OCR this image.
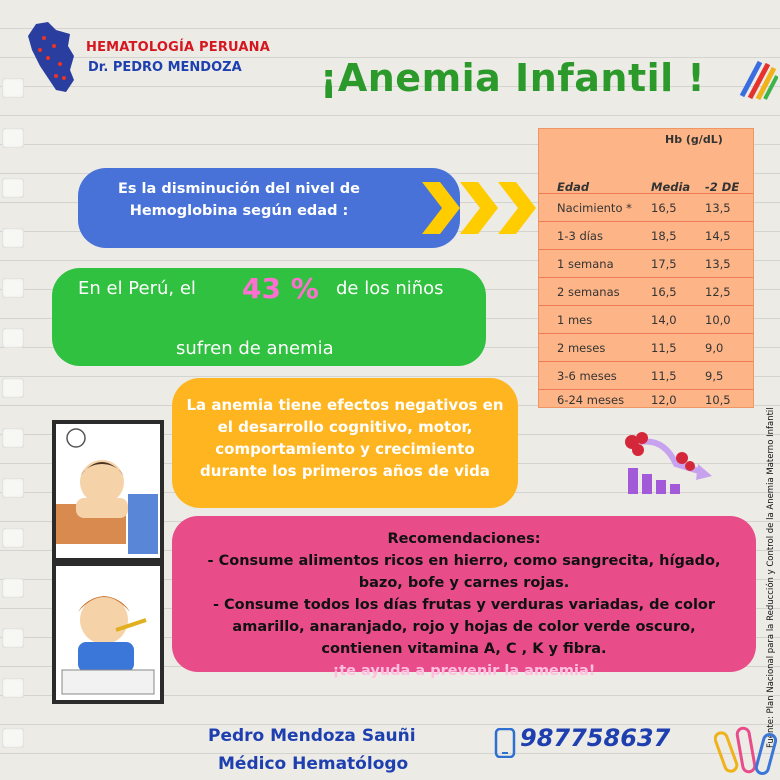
HEMATOLOGÍA PERUANA
Dr. PEDRO MENDOZA ¡Anemia Infantil !
Es la disminución del nivel de
Hemoglobina según edad :
En el Perú, el 43 % de los niños
sufren de anemia
Hb (g/dL)
Edad	Media -2 DE
Nacimiento * 16,5 13,5
1-3 días	18,5 14,5
1 semana	17,5 13,5
2 semanas	16,5 12,5
1 mes	14,0 10,0
2 meses	11,5 9,0
3-6 meses	11,5 9,5
6-24 meses 12,0 10,5
La anemia tiene efectos negativos en
el desarrollo cognitivo, motor,
comportamiento y crecimiento
durante los primeros años de vida
Recomendaciones:
- Consume alimentos ricos en hierro, como sangrecita, hígado,
bazo, bofe y carnes rojas.
- Consume todos los días frutas y verduras variadas, de color
amarillo, anaranjado, rojo y hojas de color verde oscuro,
contienen vitamina A, C , K y fibra.
¡te ayuda a prevenir la amemia!	Fuente: Plan Nacional para la Reducción y Control de la Anemia Materno Infantil
Pedro Mendoza Sauñi
Médico Hematólogo
987758637
